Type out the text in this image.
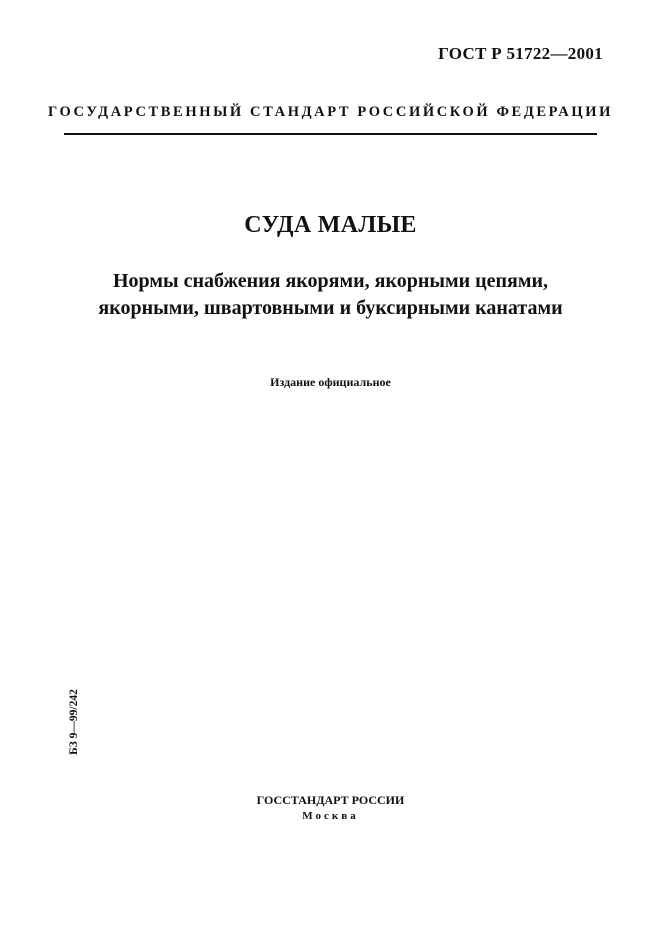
ГОСТ Р 51722—2001
ГОСУДАРСТВЕННЫЙ СТАНДАРТ РОССИЙСКОЙ ФЕДЕРАЦИИ
СУДА МАЛЫЕ
Нормы снабжения якорями, якорными цепями,
якорными, швартовными и буксирными канатами
Издание официальное
БЗ 9—99/242
ГОССТАНДАРТ РОССИИ
Москва
